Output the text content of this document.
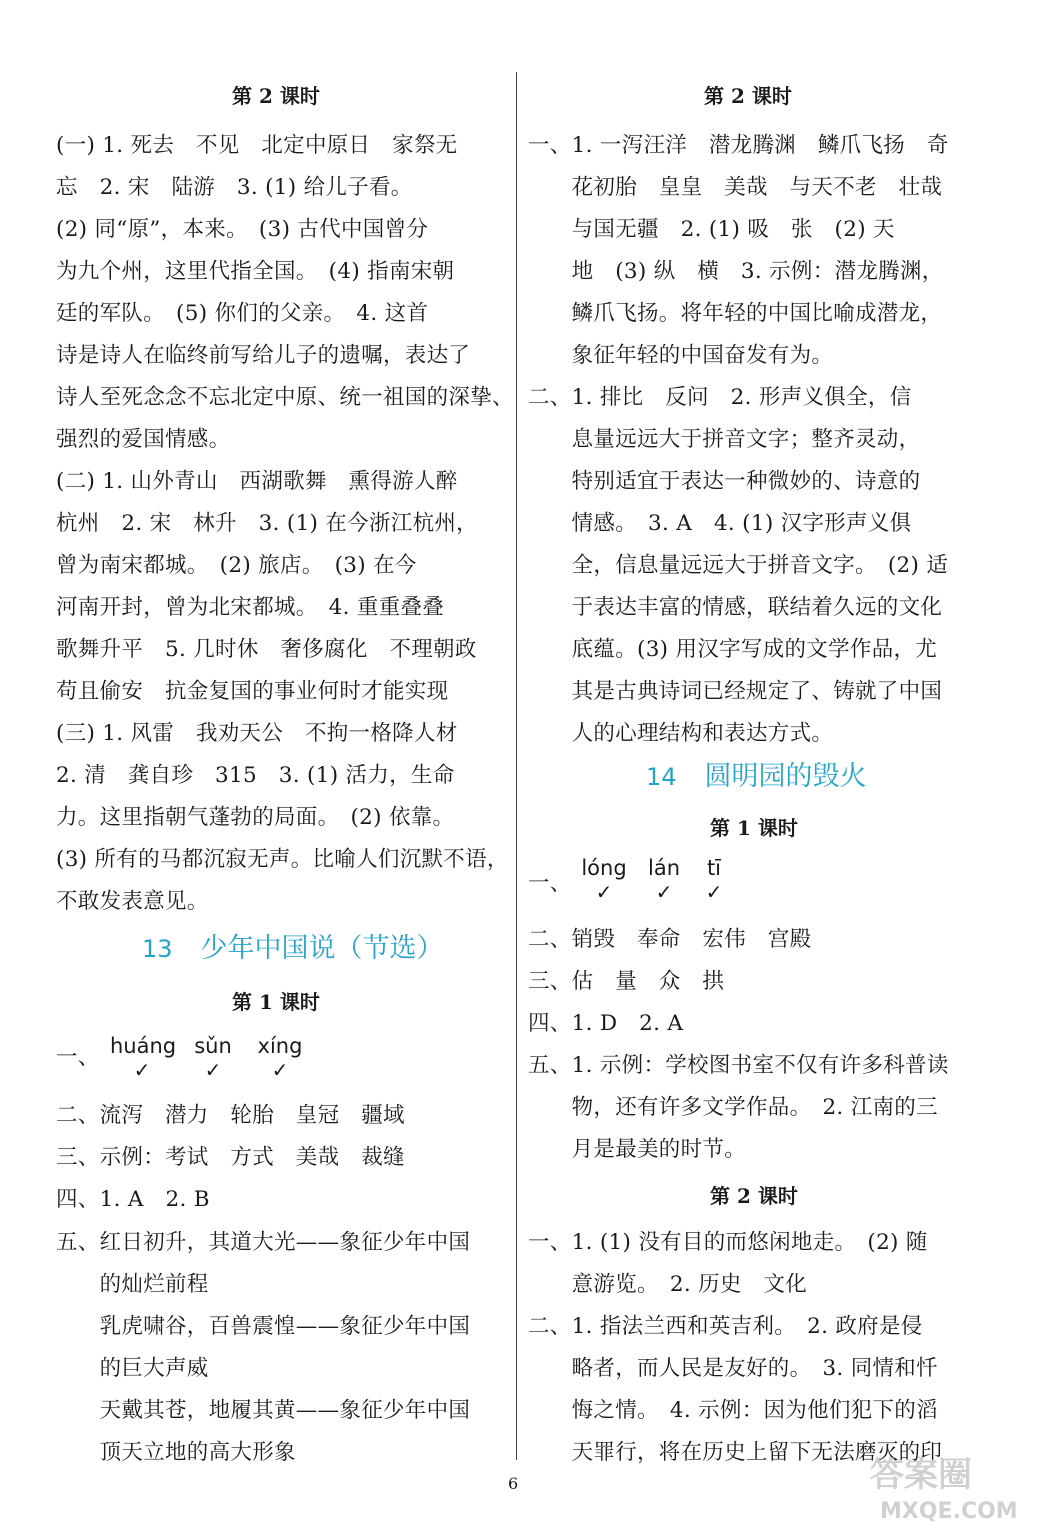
第 2 课时
(一) 1. 死去　不见　北定中原日　家祭无
忘　2. 宋　陆游　3. (1) 给儿子看。
(2) 同“原”，本来。　(3) 古代中国曾分
为九个州，这里代指全国。　(4) 指南宋朝
廷的军队。　(5) 你们的父亲。　4. 这首
诗是诗人在临终前写给儿子的遗嘱，表达了
诗人至死念念不忘北定中原、统一祖国的深挚、
强烈的爱国情感。
(二) 1. 山外青山　西湖歌舞　熏得游人醉
杭州　2. 宋　林升　3. (1) 在今浙江杭州，
曾为南宋都城。　(2) 旅店。　(3) 在今
河南开封，曾为北宋都城。　4. 重重叠叠
歌舞升平　5. 几时休　奢侈腐化　不理朝政
苟且偷安　抗金复国的事业何时才能实现
(三) 1. 风雷　我劝天公　不拘一格降人材
2. 清　龚自珍　315　3. (1) 活力，生命
力。这里指朝气蓬勃的局面。　(2) 依靠。
(3) 所有的马都沉寂无声。比喻人们沉默不语，
不敢发表意见。
13 少年中国说（节选）
第 1 课时
一、 huáng
✓
sǔn
✓
xíng
✓
二、流泻　潜力　轮胎　皇冠　疆域
三、示例：考试　方式　美哉　裁缝
四、1. A　2. B
五、红日初升，其道大光——象征少年中国
　　的灿烂前程
　　乳虎啸谷，百兽震惶——象征少年中国
　　的巨大声威
　　天戴其苍，地履其黄——象征少年中国
　　顶天立地的高大形象
第 2 课时
一、1. 一泻汪洋　潜龙腾渊　鳞爪飞扬　奇
　　花初胎　皇皇　美哉　与天不老　壮哉
　　与国无疆　2. (1) 吸　张　(2) 天
　　地　(3) 纵　横　3. 示例：潜龙腾渊，
　　鳞爪飞扬。将年轻的中国比喻成潜龙，
　　象征年轻的中国奋发有为。
二、1. 排比　反问　2. 形声义俱全，信
　　息量远远大于拼音文字；整齐灵动，
　　特别适宜于表达一种微妙的、诗意的
　　情感。　3. A　4. (1) 汉字形声义俱
　　全，信息量远远大于拼音文字。　(2) 适
　　于表达丰富的情感，联结着久远的文化
　　底蕴。(3) 用汉字写成的文学作品，尤
　　其是古典诗词已经规定了、铸就了中国
　　人的心理结构和表达方式。
14 圆明园的毁火
第 1 课时
一、
lóng
✓
lán
✓
tī
✓
二、销毁　奉命　宏伟　宫殿
三、估　量　众　拱
四、1. D　2. A
五、1. 示例：学校图书室不仅有许多科普读
　　物，还有许多文学作品。　2. 江南的三
　　月是最美的时节。
第 2 课时
一、1. (1) 没有目的而悠闲地走。　(2) 随
　　意游览。　2. 历史　文化
二、1. 指法兰西和英吉利。　2. 政府是侵
　　略者，而人民是友好的。　3. 同情和忏
　　悔之情。　4. 示例：因为他们犯下的滔
　　天罪行，将在历史上留下无法磨灭的印
6	答案圈
MXQE.COM
